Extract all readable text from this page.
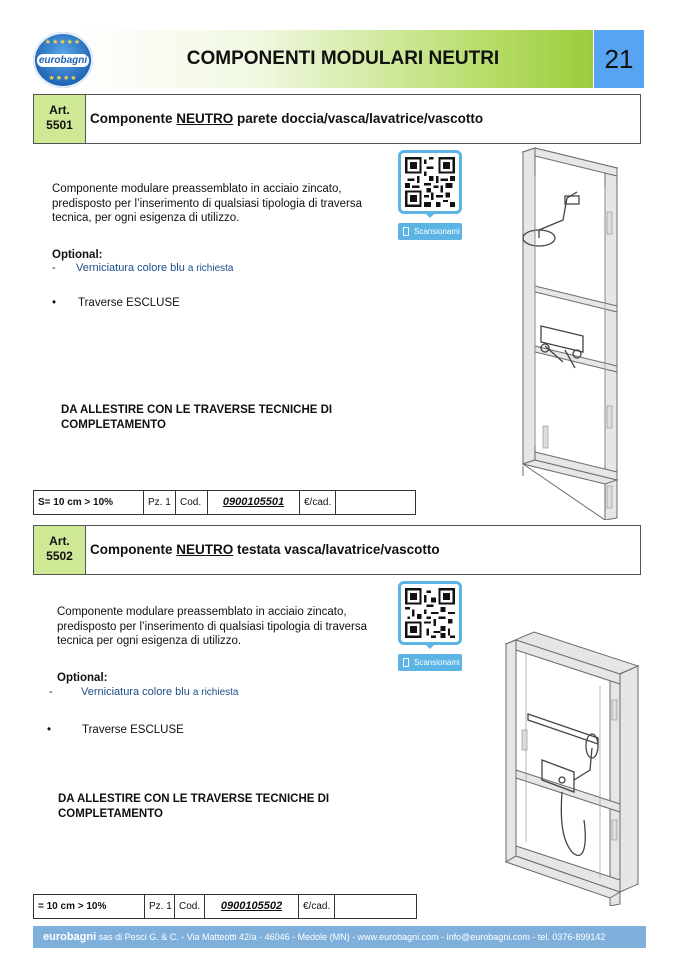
★★★★★
eurobagni
★★★★
COMPONENTI MODULARI NEUTRI	21
Art.
5501	Componente NEUTRO parete doccia/vasca/lavatrice/vascotto
Componente modulare preassemblato in acciaio zincato,
predisposto per l’inserimento di qualsiasi tipologia di traversa
tecnica, per ogni esigenza di utilizzo.
Optional:
- Verniciatura colore blu a richiesta
• Traverse ESCLUSE
DA ALLESTIRE CON LE TRAVERSE TECNICHE DI
COMPLETAMENTO
Scansionami
S= 10 cm > 10%	Pz. 1 Cod.	0900105501	€/cad.
Art.
5502	Componente NEUTRO testata vasca/lavatrice/vascotto
Componente modulare preassemblato in acciaio zincato,
predisposto per l’inserimento di qualsiasi tipologia di traversa
tecnica per ogni esigenza di utilizzo.
Optional:
-	Verniciatura colore blu a richiesta
•	Traverse ESCLUSE
DA ALLESTIRE CON LE TRAVERSE TECNICHE DI
COMPLETAMENTO
Scansionami
= 10 cm > 10%	Pz. 1 Cod.	0900105502	€/cad.
eurobagni sas di Pesci G. & C. - Via Matteotti 42/a - 46046 - Medole (MN) - www.eurobagni.com - info@eurobagni.com - tel. 0376-899142
